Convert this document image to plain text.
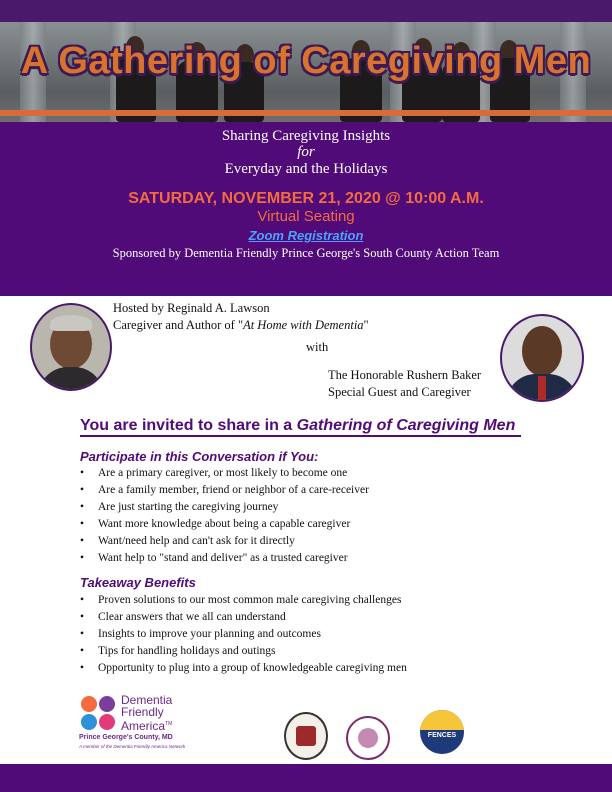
A Gathering of Caregiving Men
Sharing Caregiving Insights
for
Everyday and the Holidays
SATURDAY, NOVEMBER 21, 2020 @ 10:00 A.M.
Virtual Seating
Zoom Registration
Sponsored by Dementia Friendly Prince George's South County Action Team
Hosted by Reginald A. Lawson
Caregiver and Author of "At Home with Dementia"
with
The Honorable Rushern Baker
Special Guest and Caregiver
You are invited to share in a Gathering of Caregiving Men
Participate in this Conversation if You:
• Are a primary caregiver, or most likely to become one
• Are a family member, friend or neighbor of a care-receiver
• Are just starting the caregiving journey
• Want more knowledge about being a capable caregiver
• Want/need help and can't ask for it directly
• Want help to "stand and deliver" as a trusted caregiver
Takeaway Benefits
• Proven solutions to our most common male caregiving challenges
• Clear answers that we all can understand
• Insights to improve your planning and outcomes
• Tips for handling holidays and outings
• Opportunity to plug into a group of knowledgeable caregiving men
Dementia
Friendly
America™
Prince George's County, MD
A member of the Dementia Friendly America Network
FENCES
